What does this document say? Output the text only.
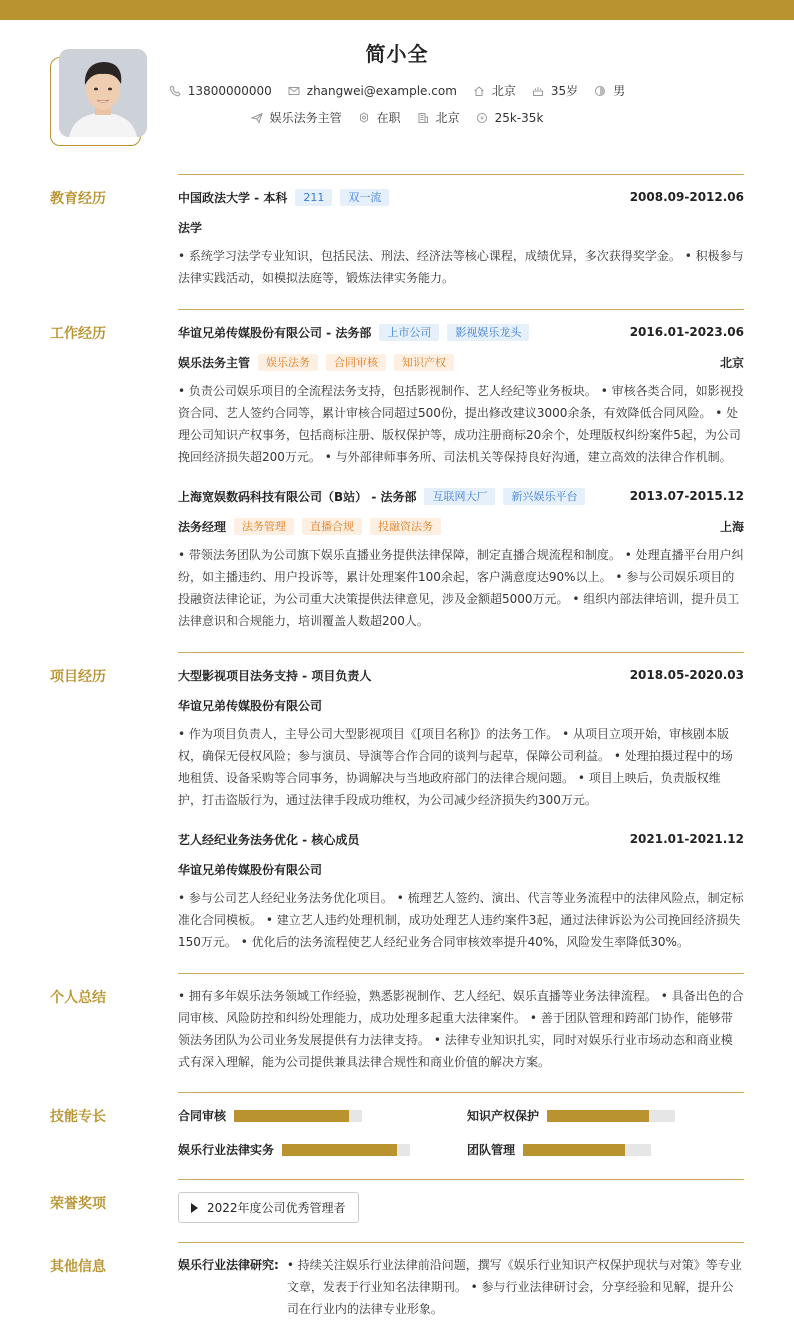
简小全
13800000000	zhangwei@example.com	北京	35岁	男
娱乐法务主管	在职	北京	25k-35k
教育经历	中国政法大学 - 本科	211	双一流	2008.09-2012.06
法学
• 系统学习法学专业知识，包括民法、刑法、经济法等核心课程，成绩优异，多次获得奖学金。 • 积极参与法律实践活动，如模拟法庭等，锻炼法律实务能力。
工作经历	华谊兄弟传媒股份有限公司 - 法务部	上市公司	影视娱乐龙头	2016.01-2023.06
娱乐法务主管	娱乐法务	合同审核	知识产权	北京
• 负责公司娱乐项目的全流程法务支持，包括影视制作、艺人经纪等业务板块。 • 审核各类合同，如影视投资合同、艺人签约合同等，累计审核合同超过500份，提出修改建议3000余条，有效降低合同风险。 • 处理公司知识产权事务，包括商标注册、版权保护等，成功注册商标20余个，处理版权纠纷案件5起，为公司挽回经济损失超200万元。 • 与外部律师事务所、司法机关等保持良好沟通，建立高效的法律合作机制。
上海宽娱数码科技有限公司（B站） - 法务部	互联网大厂	新兴娱乐平台	2013.07-2015.12
法务经理	法务管理	直播合规	投融资法务	上海
• 带领法务团队为公司旗下娱乐直播业务提供法律保障，制定直播合规流程和制度。 • 处理直播平台用户纠纷，如主播违约、用户投诉等，累计处理案件100余起，客户满意度达90%以上。 • 参与公司娱乐项目的投融资法律论证，为公司重大决策提供法律意见，涉及金额超5000万元。 • 组织内部法律培训，提升员工法律意识和合规能力，培训覆盖人数超200人。
项目经历	大型影视项目法务支持 - 项目负责人	2018.05-2020.03
华谊兄弟传媒股份有限公司
• 作为项目负责人，主导公司大型影视项目《[项目名称]》的法务工作。 • 从项目立项开始，审核剧本版权，确保无侵权风险；参与演员、导演等合作合同的谈判与起草，保障公司利益。 • 处理拍摄过程中的场地租赁、设备采购等合同事务，协调解决与当地政府部门的法律合规问题。 • 项目上映后，负责版权维护，打击盗版行为，通过法律手段成功维权，为公司减少经济损失约300万元。
艺人经纪业务法务优化 - 核心成员	2021.01-2021.12
华谊兄弟传媒股份有限公司
• 参与公司艺人经纪业务法务优化项目。 • 梳理艺人签约、演出、代言等业务流程中的法律风险点，制定标准化合同模板。 • 建立艺人违约处理机制，成功处理艺人违约案件3起，通过法律诉讼为公司挽回经济损失150万元。 • 优化后的法务流程使艺人经纪业务合同审核效率提升40%，风险发生率降低30%。
个人总结	• 拥有多年娱乐法务领域工作经验，熟悉影视制作、艺人经纪、娱乐直播等业务法律流程。 • 具备出色的合同审核、风险防控和纠纷处理能力，成功处理多起重大法律案件。 • 善于团队管理和跨部门协作，能够带领法务团队为公司业务发展提供有力法律支持。 • 法律专业知识扎实，同时对娱乐行业市场动态和商业模式有深入理解，能为公司提供兼具法律合规性和商业价值的解决方案。
技能专长	合同审核	知识产权保护
娱乐行业法律实务	团队管理
荣誉奖项	2022年度公司优秀管理者
其他信息	娱乐行业法律研究: • 持续关注娱乐行业法律前沿问题，撰写《娱乐行业知识产权保护现状与对策》等专业文章，发表于行业知名法律期刊。 • 参与行业法律研讨会，分享经验和见解，提升公司在行业内的法律专业形象。
